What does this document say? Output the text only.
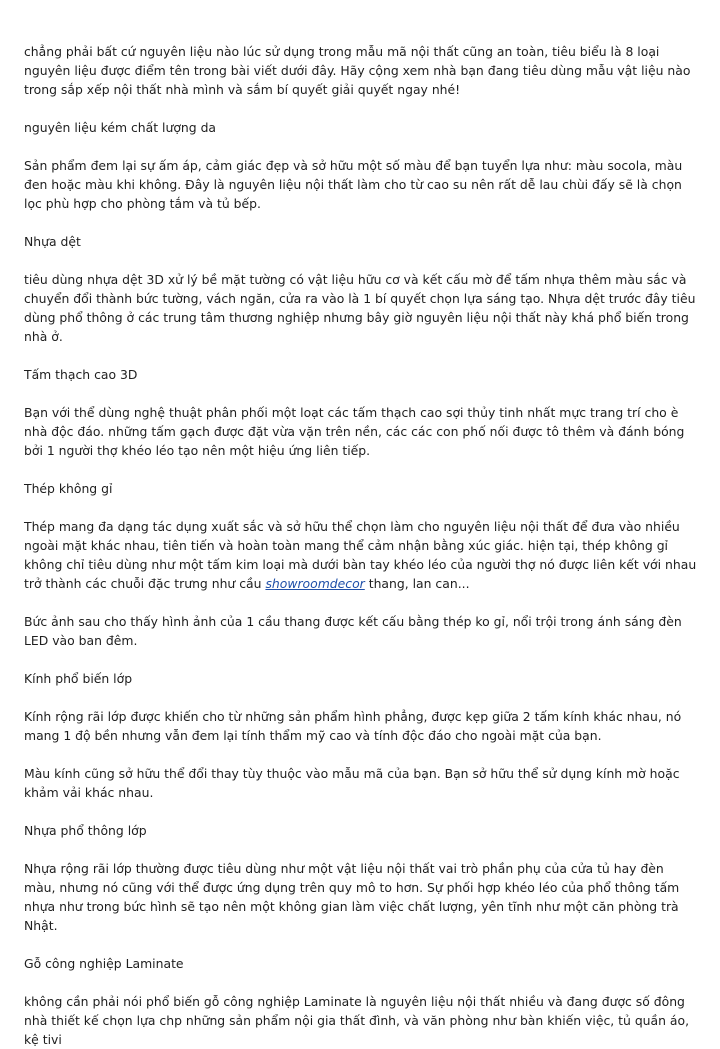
chẳng phải bất cứ nguyên liệu nào lúc sử dụng trong mẫu mã nội thất cũng an toàn, tiêu biểu là 8 loại nguyên liệu được điểm tên trong bài viết dưới đây. Hãy cộng xem nhà bạn đang tiêu dùng mẫu vật liệu nào trong sắp xếp nội thất nhà mình và sắm bí quyết giải quyết ngay nhé!

nguyên liệu kém chất lượng da

Sản phẩm đem lại sự ấm áp, cảm giác đẹp và sở hữu một số màu để bạn tuyển lựa như: màu socola, màu đen hoặc màu khi không. Đây là nguyên liệu nội thất làm cho từ cao su nên rất dễ lau chùi đấy sẽ là chọn lọc phù hợp cho phòng tắm và tủ bếp.

Nhựa dệt

tiêu dùng nhựa dệt 3D xử lý bề mặt tường có vật liệu hữu cơ và kết cấu mờ để tấm nhựa thêm màu sắc và chuyển đổi thành bức tường, vách ngăn, cửa ra vào là 1 bí quyết chọn lựa sáng tạo. Nhựa dệt trước đây tiêu dùng phổ thông ở các trung tâm thương nghiệp nhưng bây giờ nguyên liệu nội thất này khá phổ biến trong nhà ở.

Tấm thạch cao 3D

Bạn với thể dùng nghệ thuật phân phối một loạt các tấm thạch cao sợi thủy tinh nhất mực trang trí cho è nhà độc đáo. những tấm gạch được đặt vừa vặn trên nền, các các con phố nối được tô thêm và đánh bóng bởi 1 người thợ khéo léo tạo nên một hiệu ứng liên tiếp.

Thép không gỉ

Thép mang đa dạng tác dụng xuất sắc và sở hữu thể chọn làm cho nguyên liệu nội thất để đưa vào nhiều ngoài mặt khác nhau, tiên tiến và hoàn toàn mang thể cảm nhận bằng xúc giác. hiện tại, thép không gỉ không chỉ tiêu dùng như một tấm kim loại mà dưới bàn tay khéo léo của người thợ nó được liên kết với nhau trở thành các chuỗi đặc trưng như cầu showroomdecor thang, lan can...

Bức ảnh sau cho thấy hình ảnh của 1 cầu thang được kết cấu bằng thép ko gỉ, nổi trội trong ánh sáng đèn LED vào ban đêm.

Kính phổ biến lớp

Kính rộng rãi lớp được khiến cho từ những sản phẩm hình phẳng, được kẹp giữa 2 tấm kính khác nhau, nó mang 1 độ bền nhưng vẫn đem lại tính thẩm mỹ cao và tính độc đáo cho ngoài mặt của bạn.

Màu kính cũng sở hữu thể đổi thay tùy thuộc vào mẫu mã của bạn. Bạn sở hữu thể sử dụng kính mờ hoặc khảm vải khác nhau.

Nhựa phổ thông lớp

Nhựa rộng rãi lớp thường được tiêu dùng như một vật liệu nội thất vai trò phần phụ của cửa tủ hay đèn màu, nhưng nó cũng với thể được ứng dụng trên quy mô to hơn. Sự phối hợp khéo léo của phổ thông tấm nhựa như trong bức hình sẽ tạo nên một không gian làm việc chất lượng, yên tĩnh như một căn phòng trà Nhật.

Gỗ công nghiệp Laminate

không cần phải nói phổ biến gỗ công nghiệp Laminate là nguyên liệu nội thất nhiều và đang được số đông nhà thiết kế chọn lựa chp những sản phẩm nội gia thất đình, và văn phòng như bàn khiến việc, tủ quần áo, kệ tivi
